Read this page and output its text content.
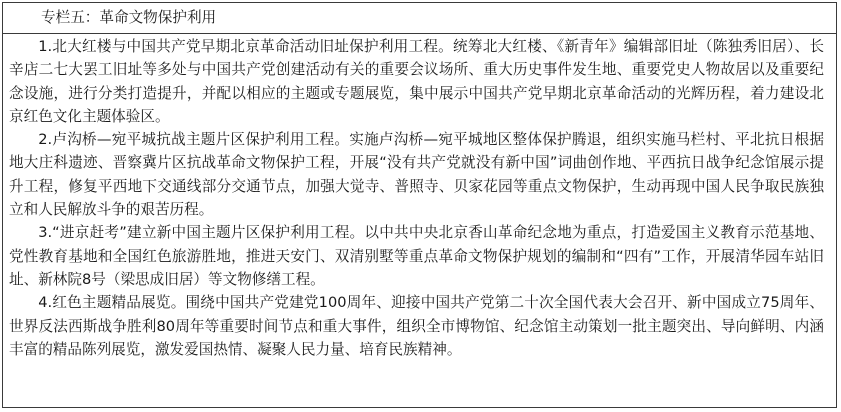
专栏五：革命文物保护利用

1.北大红楼与中国共产党早期北京革命活动旧址保护利用工程。统筹北大红楼、《新青年》编辑部旧址（陈独秀旧居）、长辛店二七大罢工旧址等多处与中国共产党创建活动有关的重要会议场所、重大历史事件发生地、重要党史人物故居以及重要纪念设施，进行分类打造提升，并配以相应的主题或专题展览，集中展示中国共产党早期北京革命活动的光辉历程，着力建设北京红色文化主题体验区。

2.卢沟桥—宛平城抗战主题片区保护利用工程。实施卢沟桥—宛平城地区整体保护腾退，组织实施马栏村、平北抗日根据地大庄科遗迹、晋察冀片区抗战革命文物保护工程，开展“没有共产党就没有新中国”词曲创作地、平西抗日战争纪念馆展示提升工程，修复平西地下交通线部分交通节点，加强大觉寺、普照寺、贝家花园等重点文物保护，生动再现中国人民争取民族独立和人民解放斗争的艰苦历程。

3.“进京赶考”建立新中国主题片区保护利用工程。以中共中央北京香山革命纪念地为重点，打造爱国主义教育示范基地、党性教育基地和全国红色旅游胜地，推进天安门、双清别墅等重点革命文物保护规划的编制和“四有”工作，开展清华园车站旧址、新林院8号（梁思成旧居）等文物修缮工程。

4.红色主题精品展览。围绕中国共产党建党100周年、迎接中国共产党第二十次全国代表大会召开、新中国成立75周年、世界反法西斯战争胜利80周年等重要时间节点和重大事件，组织全市博物馆、纪念馆主动策划一批主题突出、导向鲜明、内涵丰富的精品陈列展览，激发爱国热情、凝聚人民力量、培育民族精神。
